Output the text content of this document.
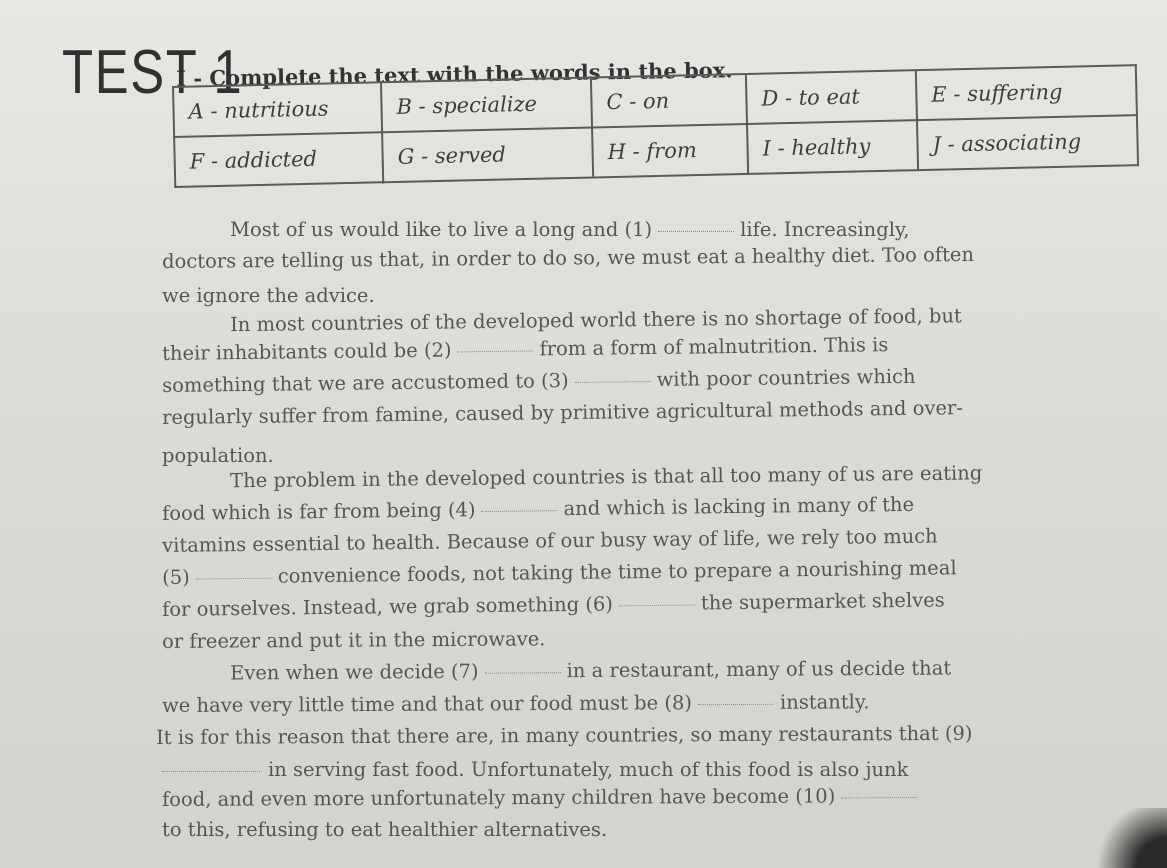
TEST 1
I - Complete the text with the words in the box.
A - nutritious	B - specialize	C - on	D - to eat	E - suffering
F - addicted	G - served	H - from	I - healthy	J - associating
Most of us would like to live a long and (1)	life. Increasingly,
doctors are telling us that, in order to do so, we must eat a healthy diet. Too often
we ignore the advice.
In most countries of the developed world there is no shortage of food, but
their inhabitants could be (2)	from a form of malnutrition. This is
something that we are accustomed to (3)	with poor countries which
regularly suffer from famine, caused by primitive agricultural methods and over-
population.
The problem in the developed countries is that all too many of us are eating
food which is far from being (4)	and which is lacking in many of the
vitamins essential to health. Because of our busy way of life, we rely too much
(5)	convenience foods, not taking the time to prepare a nourishing meal
for ourselves. Instead, we grab something (6)	the supermarket shelves
or freezer and put it in the microwave.
Even when we decide (7)	in a restaurant, many of us decide that
we have very little time and that our food must be (8)	instantly.
It is for this reason that there are, in many countries, so many restaurants that (9)
in serving fast food. Unfortunately, much of this food is also junk
food, and even more unfortunately many children have become (10)
to this, refusing to eat healthier alternatives.
